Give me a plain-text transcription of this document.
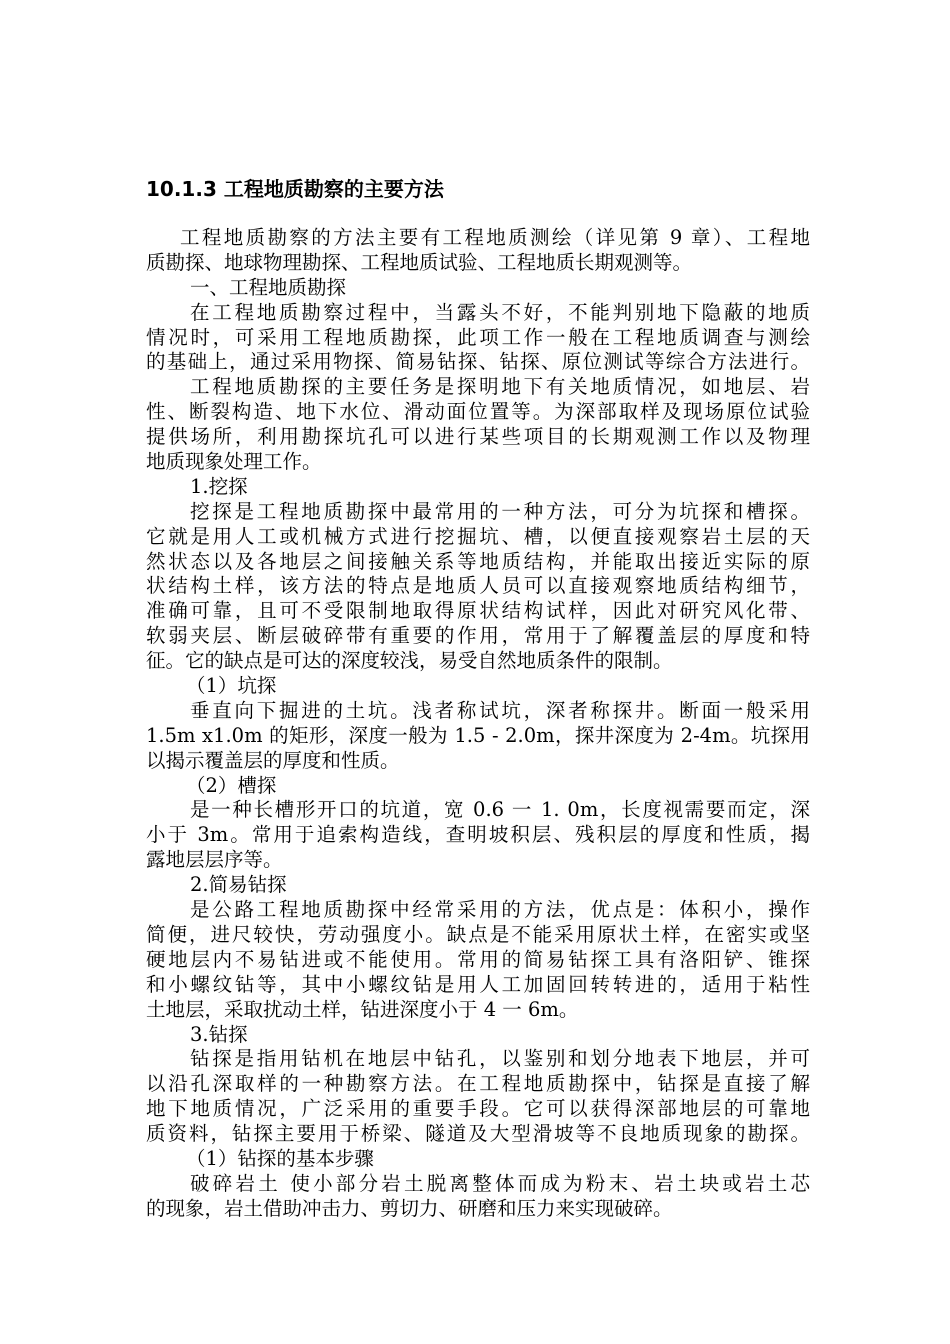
10.1.3 工程地质勘察的主要方法
工程地质勘察的方法主要有工程地质测绘（详见第 9 章）、工程地
质勘探、地球物理勘探、工程地质试验、工程地质长期观测等。
一、工程地质勘探
在工程地质勘察过程中，当露头不好，不能判别地下隐蔽的地质
情况时，可采用工程地质勘探，此项工作一般在工程地质调查与测绘
的基础上，通过采用物探、简易钻探、钻探、原位测试等综合方法进行。
工程地质勘探的主要任务是探明地下有关地质情况，如地层、岩
性、断裂构造、地下水位、滑动面位置等。为深部取样及现场原位试验
提供场所，利用勘探坑孔可以进行某些项目的长期观测工作以及物理
地质现象处理工作。
1.挖探
挖探是工程地质勘探中最常用的一种方法，可分为坑探和槽探。
它就是用人工或机械方式进行挖掘坑、槽，以便直接观察岩土层的天
然状态以及各地层之间接触关系等地质结构，并能取出接近实际的原
状结构土样，该方法的特点是地质人员可以直接观察地质结构细节，
准确可靠，且可不受限制地取得原状结构试样，因此对研究风化带、
软弱夹层、断层破碎带有重要的作用，常用于了解覆盖层的厚度和特
征。它的缺点是可达的深度较浅，易受自然地质条件的限制。
（1）坑探
垂直向下掘进的土坑。浅者称试坑，深者称探井。断面一般采用
1.5m x1.0m 的矩形，深度一般为 1.5 - 2.0m，探井深度为 2-4m。坑探用
以揭示覆盖层的厚度和性质。
（2）槽探
是一种长槽形开口的坑道，宽 0.6 一 1. 0m，长度视需要而定，深
小于 3m。常用于追索构造线，查明坡积层、残积层的厚度和性质，揭
露地层层序等。
2.简易钻探
是公路工程地质勘探中经常采用的方法，优点是：体积小，操作
简便，进尺较快，劳动强度小。缺点是不能采用原状土样，在密实或坚
硬地层内不易钻进或不能使用。常用的简易钻探工具有洛阳铲、锥探
和小螺纹钻等，其中小螺纹钻是用人工加固回转转进的，适用于粘性
土地层，采取扰动土样，钻进深度小于 4 一 6m。
3.钻探
钻探是指用钻机在地层中钻孔，以鉴别和划分地表下地层，并可
以沿孔深取样的一种勘察方法。在工程地质勘探中，钻探是直接了解
地下地质情况，广泛采用的重要手段。它可以获得深部地层的可靠地
质资料，钻探主要用于桥梁、隧道及大型滑坡等不良地质现象的勘探。
（1）钻探的基本步骤
破碎岩土 使小部分岩土脱离整体而成为粉末、岩土块或岩土芯
的现象，岩土借助冲击力、剪切力、研磨和压力来实现破碎。
